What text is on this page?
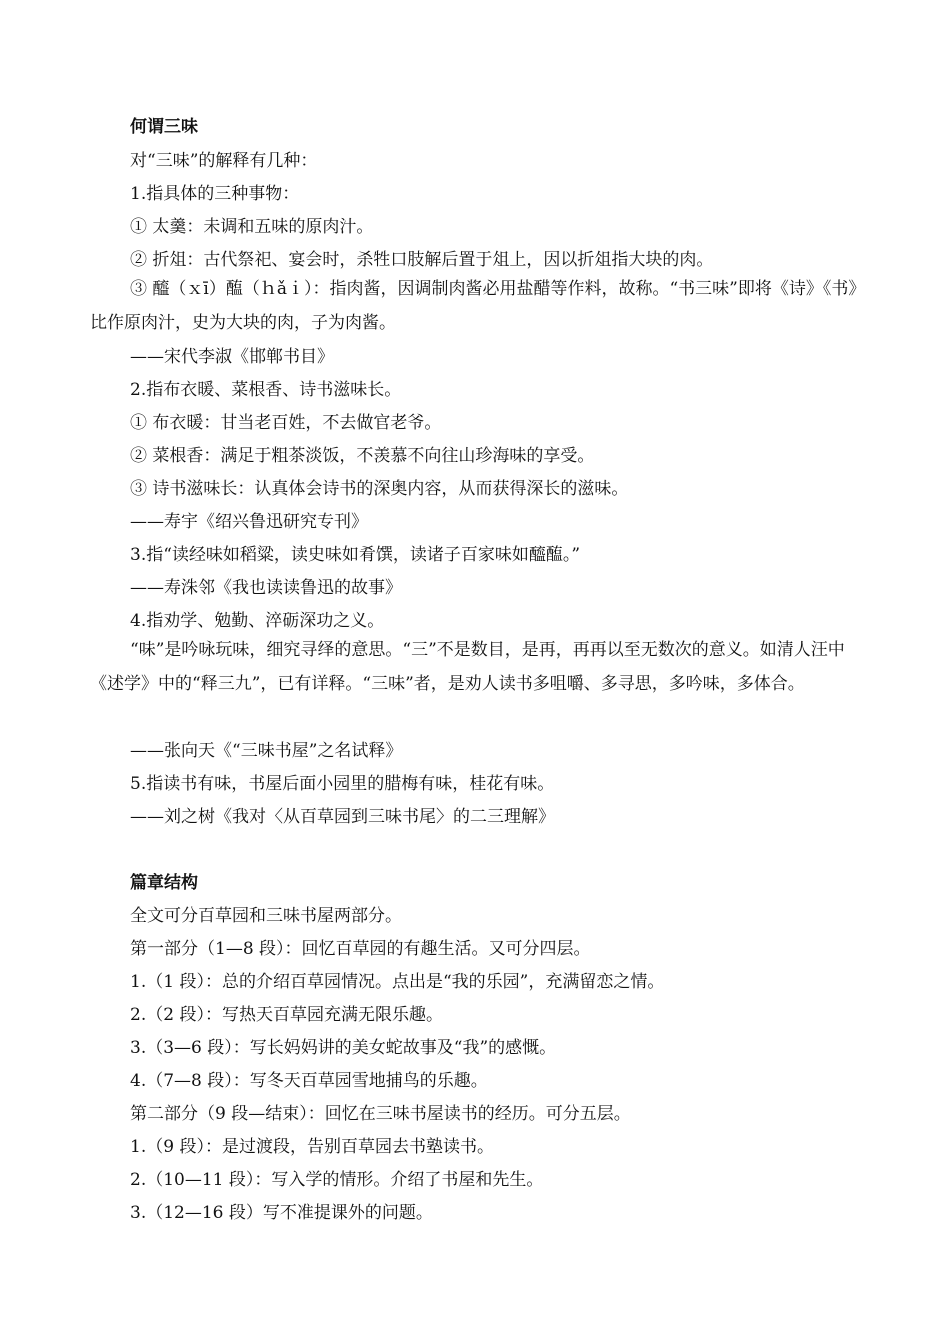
何谓三味
对“三味”的解释有几种：
1.指具体的三种事物：
① 太羹：未调和五味的原肉汁。
② 折俎：古代祭祀、宴会时，杀牲口肢解后置于俎上，因以折俎指大块的肉。
③ 醯（ｘī）醢（ｈǎｉ）：指肉酱，因调制肉酱必用盐醋等作料，故称。“书三味”即将《诗》《书》比作原肉汁，史为大块的肉，子为肉酱。
——宋代李淑《邯郸书目》
2.指布衣暖、菜根香、诗书滋味长。
① 布衣暖：甘当老百姓，不去做官老爷。
② 菜根香：满足于粗茶淡饭，不羡慕不向往山珍海味的享受。
③ 诗书滋味长：认真体会诗书的深奥内容，从而获得深长的滋味。
——寿宇《绍兴鲁迅研究专刊》
3.指“读经味如稻粱，读史味如肴馔，读诸子百家味如醯醢。”
——寿洙邻《我也读读鲁迅的故事》
4.指劝学、勉勤、淬砺深功之义。
“味”是吟咏玩味，细究寻绎的意思。“三”不是数目，是再，再再以至无数次的意义。如清人汪中《述学》中的“释三九”，已有详释。“三味”者，是劝人读书多咀嚼、多寻思，多吟味，多体合。
——张向天《“三味书屋”之名试释》
5.指读书有味，书屋后面小园里的腊梅有味，桂花有味。
——刘之树《我对〈从百草园到三味书尾〉的二三理解》
篇章结构
全文可分百草园和三味书屋两部分。
第一部分（1—8 段）：回忆百草园的有趣生活。又可分四层。
1.（1 段）：总的介绍百草园情况。点出是“我的乐园”，充满留恋之情。
2.（2 段）：写热天百草园充满无限乐趣。
3.（3—6 段）：写长妈妈讲的美女蛇故事及“我”的感慨。
4.（7—8 段）：写冬天百草园雪地捕鸟的乐趣。
第二部分（9 段—结束）：回忆在三味书屋读书的经历。可分五层。
1.（9 段）：是过渡段，告别百草园去书塾读书。
2.（10—11 段）：写入学的情形。介绍了书屋和先生。
3.（12—16 段）写不准提课外的问题。
